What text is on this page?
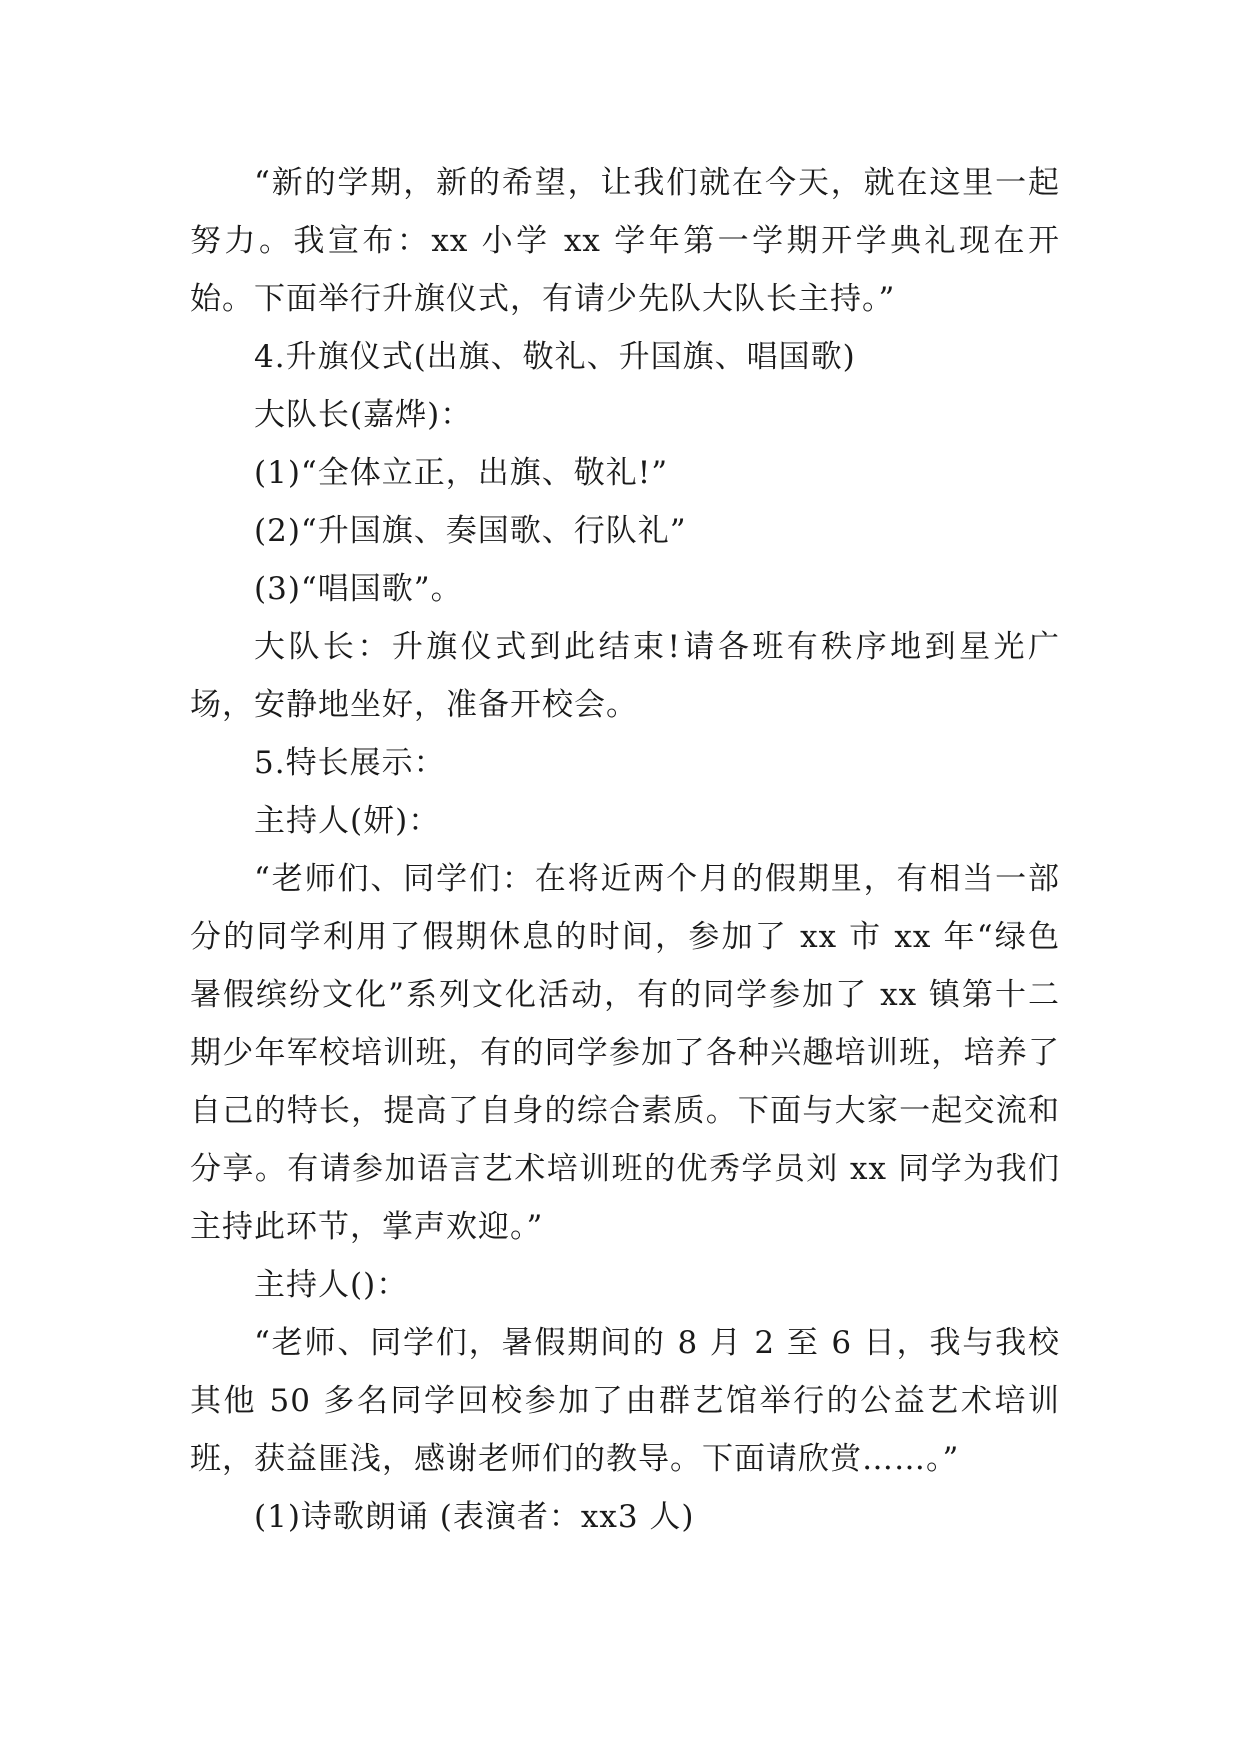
“新的学期，新的希望，让我们就在今天，就在这里一起努力。我宣布：xx 小学 xx 学年第一学期开学典礼现在开始。下面举行升旗仪式，有请少先队大队长主持。”

4.升旗仪式(出旗、敬礼、升国旗、唱国歌)

大队长(嘉烨)：

(1)“全体立正，出旗、敬礼!”

(2)“升国旗、奏国歌、行队礼”

(3)“唱国歌”。

大队长：升旗仪式到此结束!请各班有秩序地到星光广场，安静地坐好，准备开校会。

5.特长展示：

主持人(妍)：

“老师们、同学们：在将近两个月的假期里，有相当一部分的同学利用了假期休息的时间，参加了 xx 市 xx 年“绿色暑假缤纷文化”系列文化活动，有的同学参加了 xx 镇第十二期少年军校培训班，有的同学参加了各种兴趣培训班，培养了自己的特长，提高了自身的综合素质。下面与大家一起交流和分享。有请参加语言艺术培训班的优秀学员刘 xx 同学为我们主持此环节，掌声欢迎。”

主持人()：

“老师、同学们，暑假期间的 8 月 2 至 6 日，我与我校其他 50 多名同学回校参加了由群艺馆举行的公益艺术培训班，获益匪浅，感谢老师们的教导。下面请欣赏……。”

(1)诗歌朗诵 (表演者：xx3 人)
